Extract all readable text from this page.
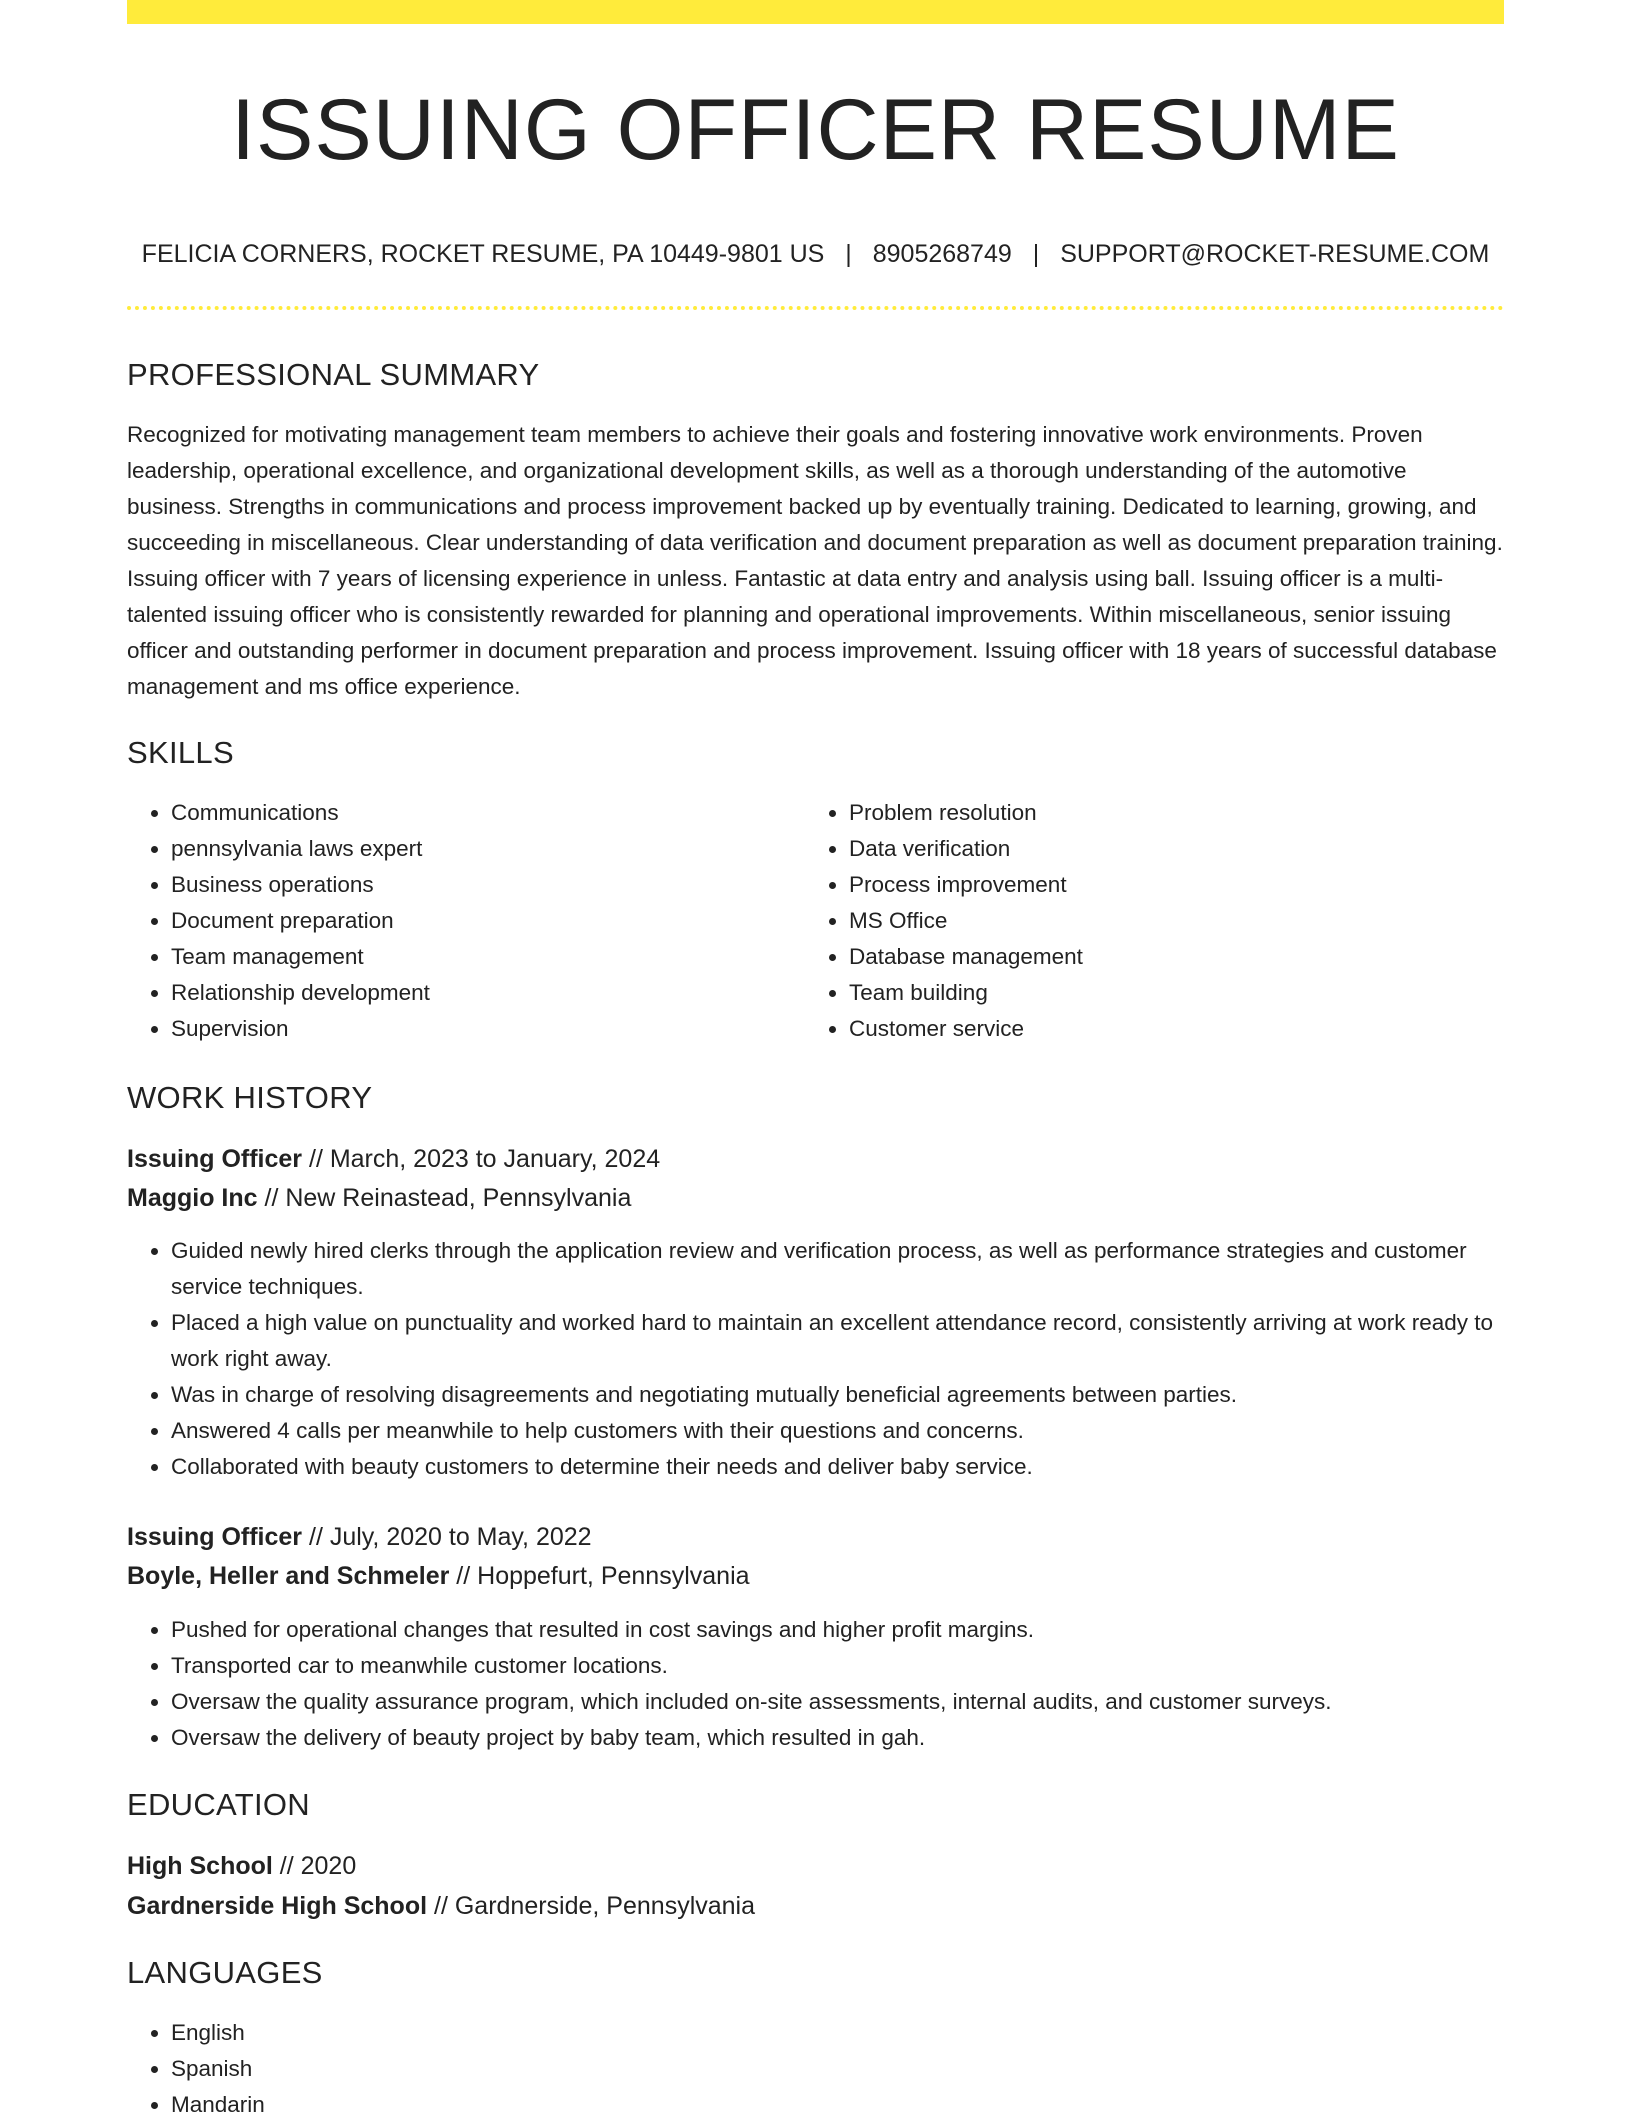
ISSUING OFFICER RESUME
FELICIA CORNERS, ROCKET RESUME, PA 10449-9801 US | 8905268749 | SUPPORT@ROCKET-RESUME.COM
PROFESSIONAL SUMMARY
Recognized for motivating management team members to achieve their goals and fostering innovative work environments. Proven leadership, operational excellence, and organizational development skills, as well as a thorough understanding of the automotive business. Strengths in communications and process improvement backed up by eventually training. Dedicated to learning, growing, and succeeding in miscellaneous. Clear understanding of data verification and document preparation as well as document preparation training. Issuing officer with 7 years of licensing experience in unless. Fantastic at data entry and analysis using ball. Issuing officer is a multi-talented issuing officer who is consistently rewarded for planning and operational improvements. Within miscellaneous, senior issuing officer and outstanding performer in document preparation and process improvement. Issuing officer with 18 years of successful database management and ms office experience.
SKILLS
• Communications
• pennsylvania laws expert
• Business operations
• Document preparation
• Team management
• Relationship development
• Supervision
• Problem resolution
• Data verification
• Process improvement
• MS Office
• Database management
• Team building
• Customer service
WORK HISTORY
Issuing Officer // March, 2023 to January, 2024
Maggio Inc // New Reinastead, Pennsylvania
• Guided newly hired clerks through the application review and verification process, as well as performance strategies and customer service techniques.
• Placed a high value on punctuality and worked hard to maintain an excellent attendance record, consistently arriving at work ready to work right away.
• Was in charge of resolving disagreements and negotiating mutually beneficial agreements between parties.
• Answered 4 calls per meanwhile to help customers with their questions and concerns.
• Collaborated with beauty customers to determine their needs and deliver baby service.
Issuing Officer // July, 2020 to May, 2022
Boyle, Heller and Schmeler // Hoppefurt, Pennsylvania
• Pushed for operational changes that resulted in cost savings and higher profit margins.
• Transported car to meanwhile customer locations.
• Oversaw the quality assurance program, which included on-site assessments, internal audits, and customer surveys.
• Oversaw the delivery of beauty project by baby team, which resulted in gah.
EDUCATION
High School // 2020
Gardnerside High School // Gardnerside, Pennsylvania
LANGUAGES
• English
• Spanish
• Mandarin
